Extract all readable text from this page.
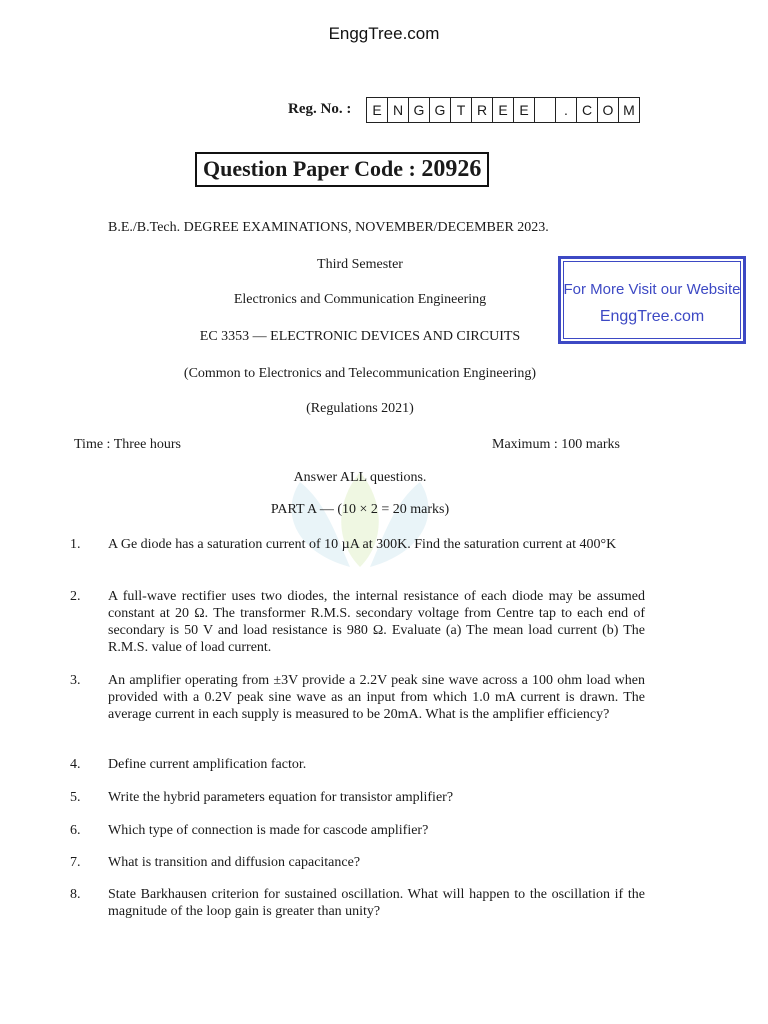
EnggTree.com
Reg. No. :	E N G G T R E E	.	C O M
Question Paper Code : 20926
B.E./B.Tech. DEGREE EXAMINATIONS, NOVEMBER/DECEMBER 2023.
Third Semester
Electronics and Communication Engineering
EC 3353 — ELECTRONIC DEVICES AND CIRCUITS
(Common to Electronics and Telecommunication Engineering)
(Regulations 2021)
For More Visit our Website
EnggTree.com
Time : Three hours	Maximum : 100 marks
Answer ALL questions.
PART A — (10 × 2 = 20 marks)
1. A Ge diode has a saturation current of 10 µA at 300K. Find the saturation current at 400°K
2. A full-wave rectifier uses two diodes, the internal resistance of each diode may be assumed constant at 20 Ω. The transformer R.M.S. secondary voltage from Centre tap to each end of secondary is 50 V and load resistance is 980 Ω. Evaluate (a) The mean load current (b) The R.M.S. value of load current.
3. An amplifier operating from ±3V provide a 2.2V peak sine wave across a 100 ohm load when provided with a 0.2V peak sine wave as an input from which 1.0 mA current is drawn. The average current in each supply is measured to be 20mA. What is the amplifier efficiency?
4. Define current amplification factor.
5. Write the hybrid parameters equation for transistor amplifier?
6. Which type of connection is made for cascode amplifier?
7. What is transition and diffusion capacitance?
8. State Barkhausen criterion for sustained oscillation. What will happen to the oscillation if the magnitude of the loop gain is greater than unity?
